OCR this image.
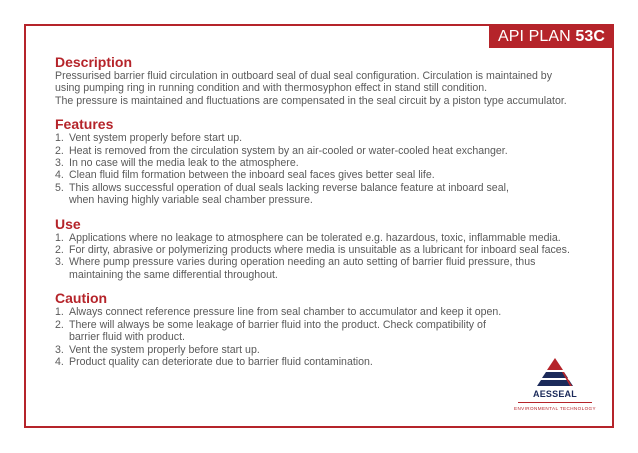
API PLAN 53C
Description

Pressurised barrier fluid circulation in outboard seal of dual seal configuration. Circulation is maintained by

using pumping ring in running condition and with thermosyphon effect in stand still condition.

The pressure is maintained and fluctuations are compensated in the seal circuit by a piston type accumulator.

Features
1. Vent system properly before start up.
2. Heat is removed from the circulation system by an air-cooled or water-cooled heat exchanger.
3. In no case will the media leak to the atmosphere.
4. Clean fluid film formation between the inboard seal faces gives better seal life.
5. This allows successful operation of dual seals lacking reverse balance feature at inboard seal,
when having highly variable seal chamber pressure.
Use
1. Applications where no leakage to atmosphere can be tolerated e.g. hazardous, toxic, inflammable media.
2. For dirty, abrasive or polymerizing products where media is unsuitable as a lubricant for inboard seal faces.
3. Where pump pressure varies during operation needing an auto setting of barrier fluid pressure, thus
maintaining the same differential throughout.
Caution
1. Always connect reference pressure line from seal chamber to accumulator and keep it open.
2. There will always be some leakage of barrier fluid into the product. Check compatibility of
barrier fluid with product.
3. Vent the system properly before start up.
4. Product quality can deteriorate due to barrier fluid contamination.
AESSEAL
ENVIRONMENTAL TECHNOLOGY
